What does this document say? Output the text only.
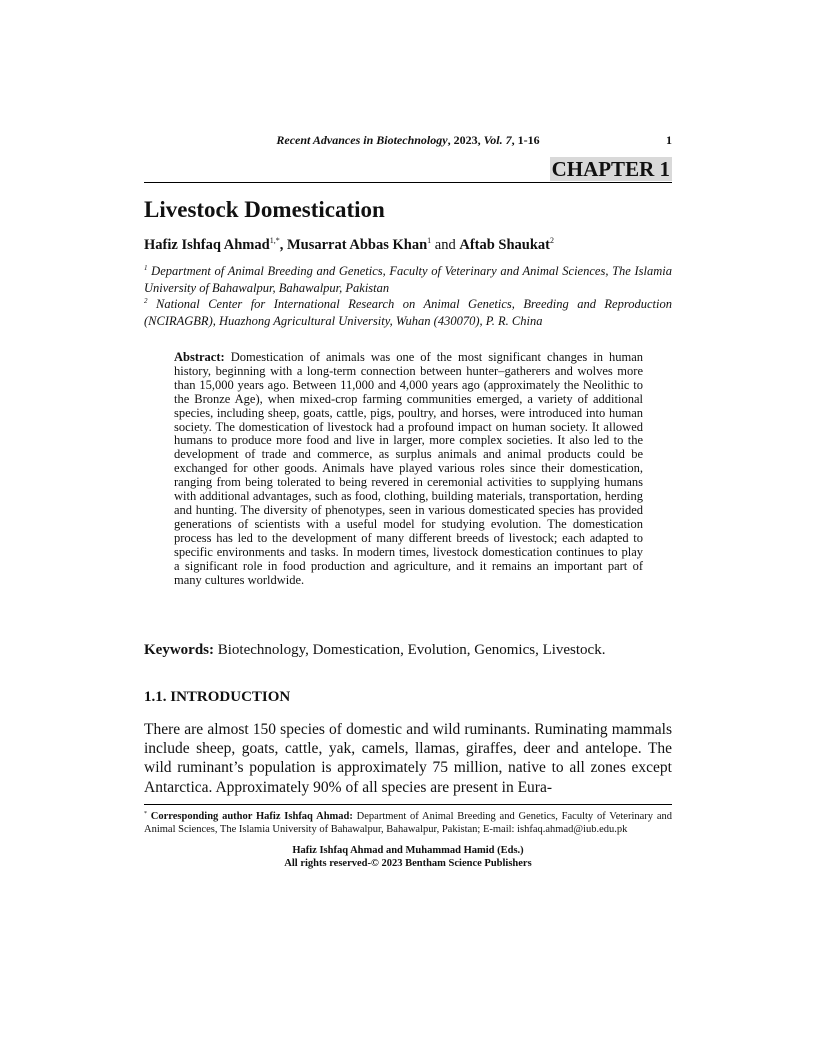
Recent Advances in Biotechnology, 2023, Vol. 7, 1-16	1
CHAPTER 1
Livestock Domestication
Hafiz Ishfaq Ahmad$^{1,*}$, Musarrat Abbas Khan$^1$ and Aftab Shaukat$^2$
$^1$ Department of Animal Breeding and Genetics, Faculty of Veterinary and Animal Sciences, The Islamia University of Bahawalpur, Bahawalpur, Pakistan
$^2$ National Center for International Research on Animal Genetics, Breeding and Reproduction (NCIRAGBR), Huazhong Agricultural University, Wuhan (430070), P. R. China

Abstract: Domestication of animals was one of the most significant changes in human history, beginning with a long-term connection between hunter–gatherers and wolves more than 15,000 years ago. Between 11,000 and 4,000 years ago (approximately the Neolithic to the Bronze Age), when mixed-crop farming communities emerged, a variety of additional species, including sheep, goats, cattle, pigs, poultry, and horses, were introduced into human society. The domestication of livestock had a profound impact on human society. It allowed humans to produce more food and live in larger, more complex societies. It also led to the development of trade and commerce, as surplus animals and animal products could be exchanged for other goods. Animals have played various roles since their domestication, ranging from being tolerated to being revered in ceremonial activities to supplying humans with additional advantages, such as food, clothing, building materials, transportation, herding and hunting. The diversity of phenotypes, seen in various domesticated species has provided generations of scientists with a useful model for studying evolution. The domestication process has led to the development of many different breeds of livestock; each adapted to specific environments and tasks. In modern times, livestock domestication continues to play a significant role in food production and agriculture, and it remains an important part of many cultures worldwide.

Keywords: Biotechnology, Domestication, Evolution, Genomics, Livestock.

1.1. INTRODUCTION

There are almost 150 species of domestic and wild ruminants. Ruminating mammals include sheep, goats, cattle, yak, camels, llamas, giraffes, deer and antelope. The wild ruminant’s population is approximately 75 million, native to all zones except Antarctica. Approximately 90% of all species are present in Eura-

* Corresponding author Hafiz Ishfaq Ahmad: Department of Animal Breeding and Genetics, Faculty of Veterinary and Animal Sciences, The Islamia University of Bahawalpur, Bahawalpur, Pakistan; E-mail: ishfaq.ahmad@iub.edu.pk

Hafiz Ishfaq Ahmad and Muhammad Hamid (Eds.)
All rights reserved-© 2023 Bentham Science Publishers
